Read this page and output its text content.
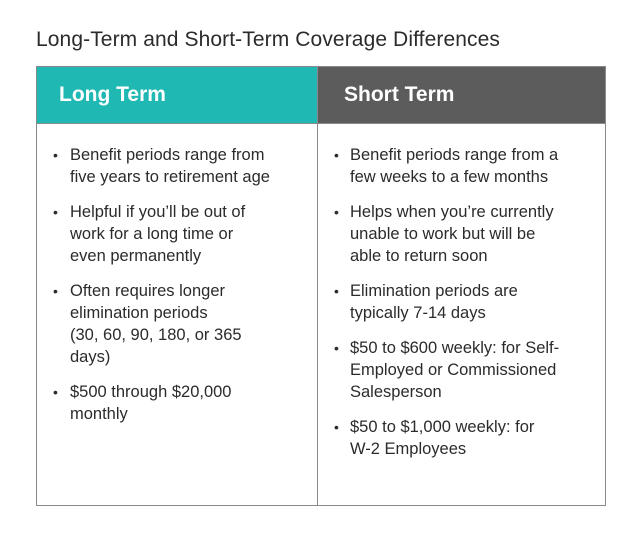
Long-Term and Short-Term Coverage Differences
Long Term
• Benefit periods range from
five years to retirement age
• Helpful if you’ll be out of
work for a long time or
even permanently
• Often requires longer
elimination periods
(30, 60, 90, 180, or 365
days)
• $500 through $20,000
monthly
Short Term
• Benefit periods range from a
few weeks to a few months
• Helps when you’re currently
unable to work but will be
able to return soon
• Elimination periods are
typically 7-14 days
• $50 to $600 weekly: for Self-
Employed or Commissioned
Salesperson
• $50 to $1,000 weekly: for
W-2 Employees
